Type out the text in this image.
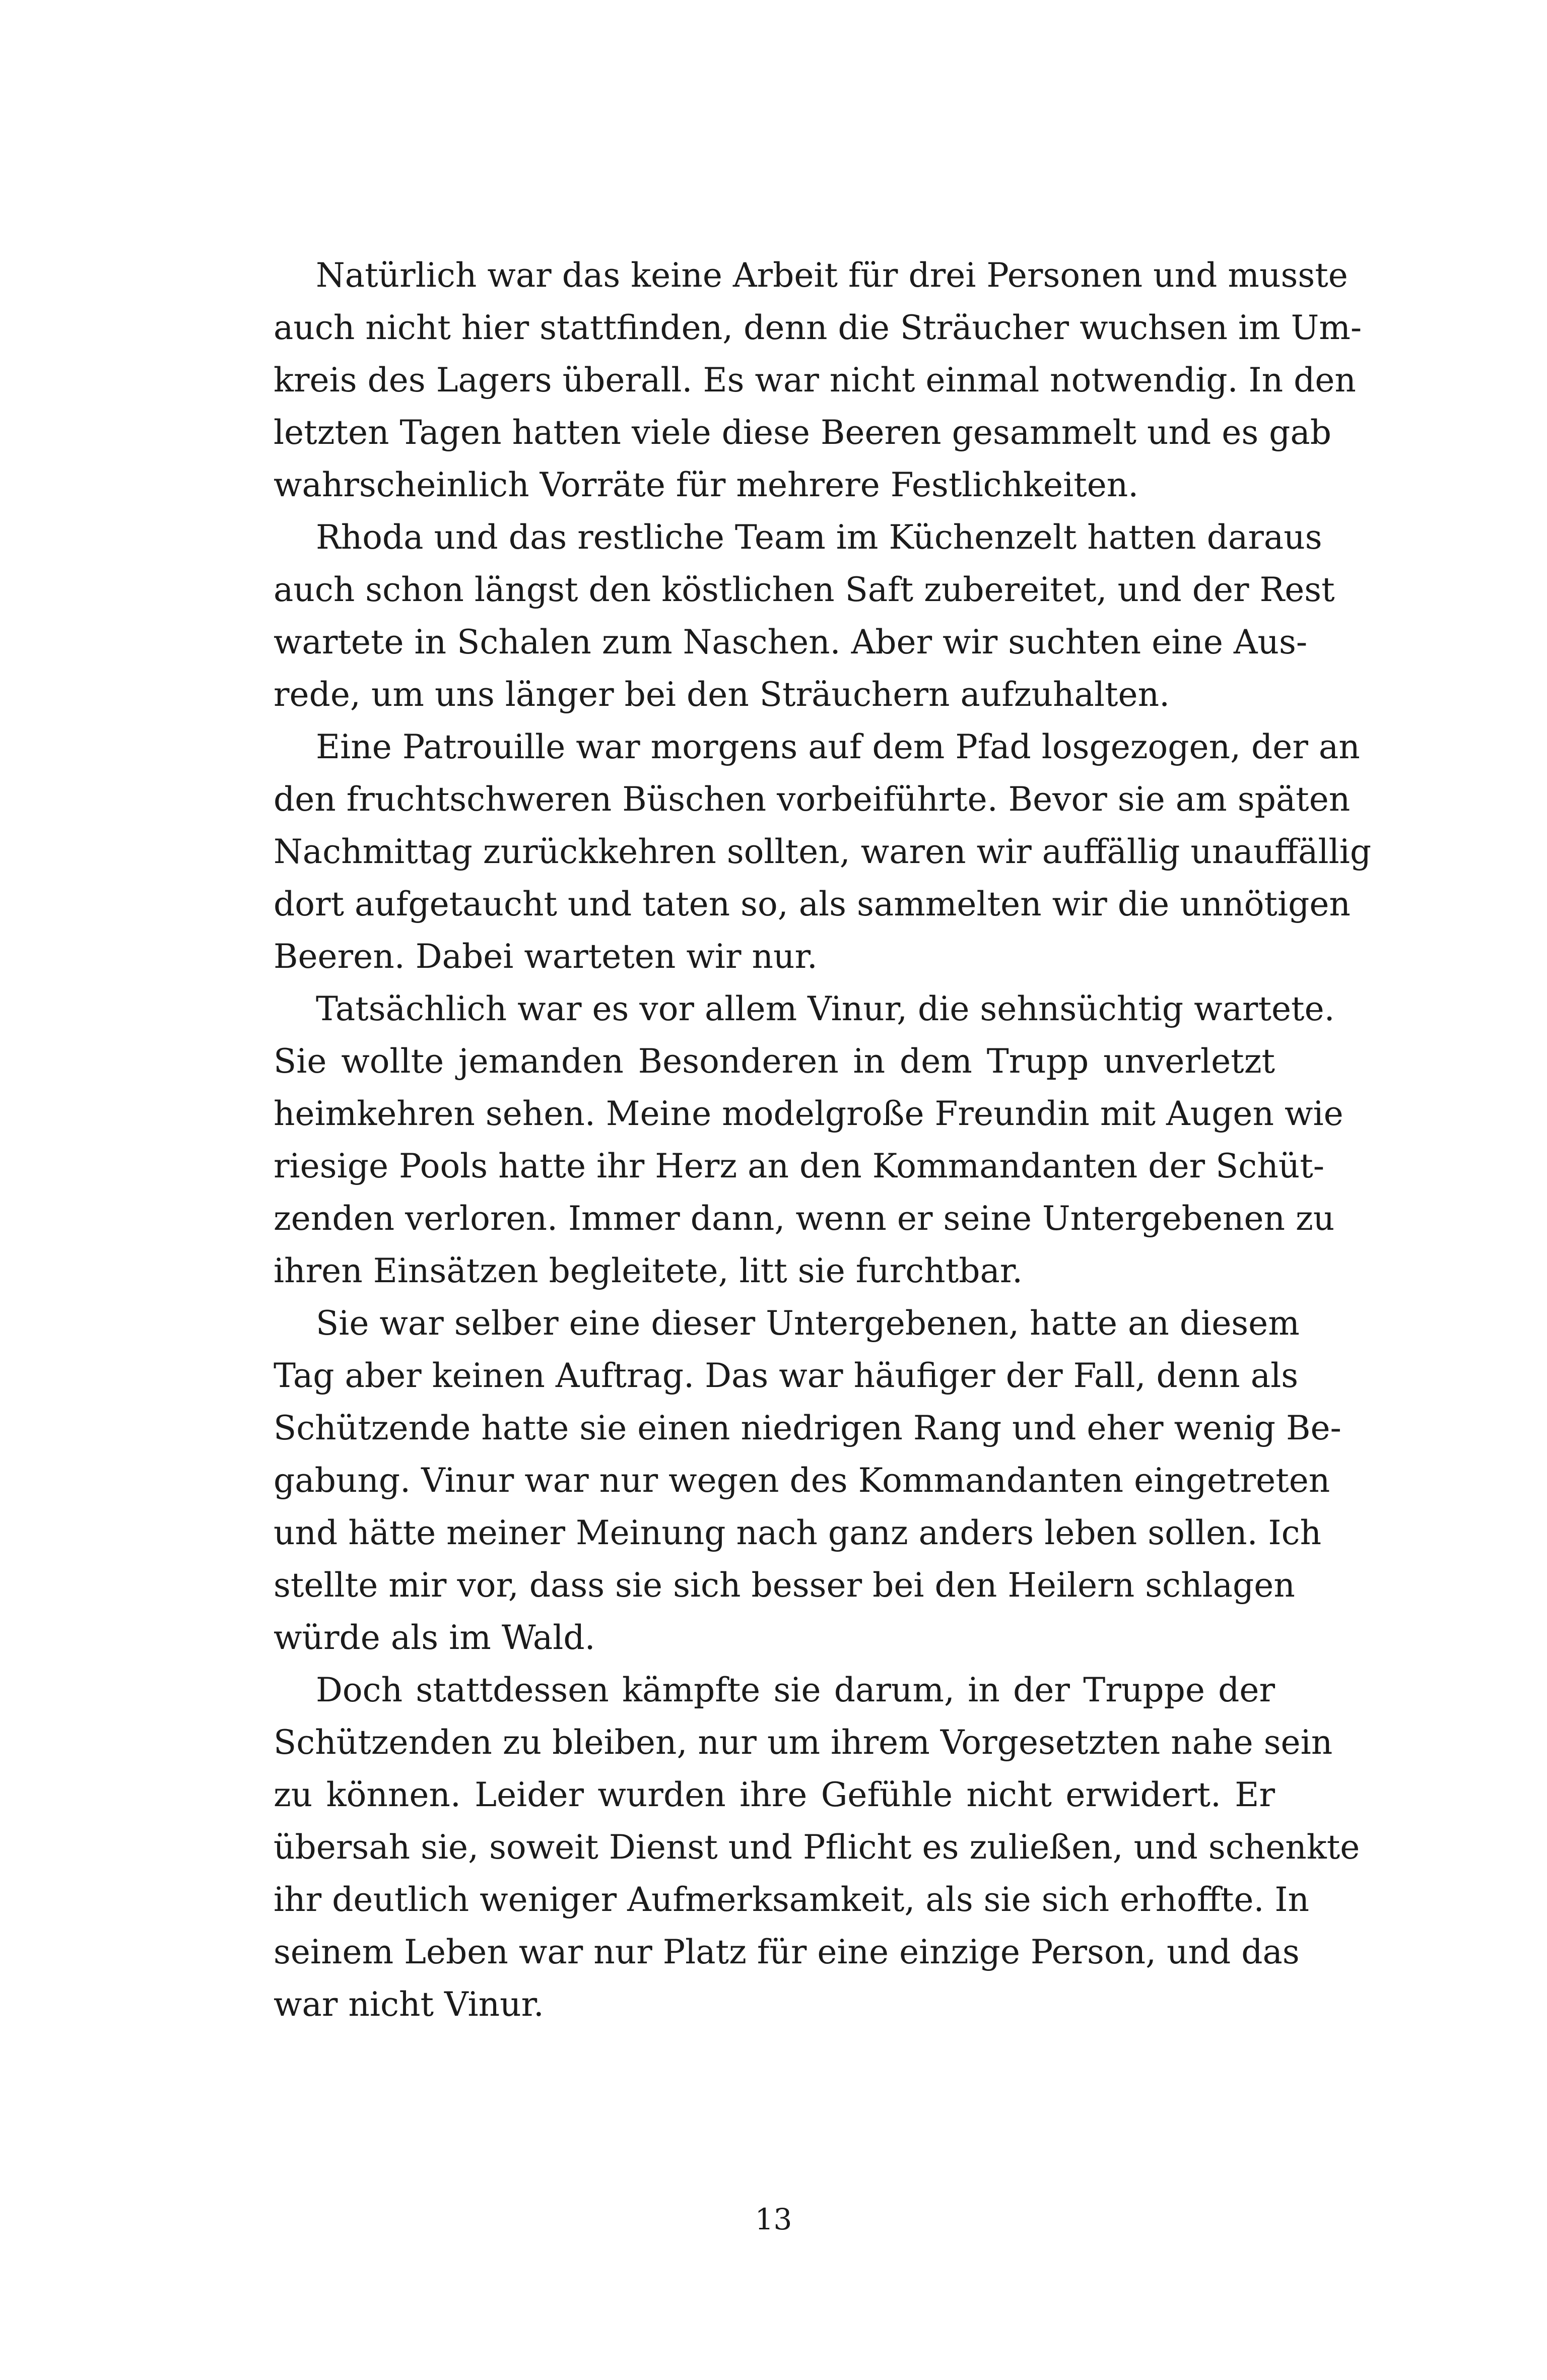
Natürlich war das keine Arbeit für drei Personen und musste
auch nicht hier stattfinden, denn die Sträucher wuchsen im Um-
kreis des Lagers überall. Es war nicht einmal notwendig. In den
letzten Tagen hatten viele diese Beeren gesammelt und es gab
wahrscheinlich Vorräte für mehrere Festlichkeiten.
Rhoda und das restliche Team im Küchenzelt hatten daraus
auch schon längst den köstlichen Saft zubereitet, und der Rest
wartete in Schalen zum Naschen. Aber wir suchten eine Aus-
rede, um uns länger bei den Sträuchern aufzuhalten.
Eine Patrouille war morgens auf dem Pfad losgezogen, der an
den fruchtschweren Büschen vorbeiführte. Bevor sie am späten
Nachmittag zurückkehren sollten, waren wir auffällig unauffällig
dort aufgetaucht und taten so, als sammelten wir die unnötigen
Beeren. Dabei warteten wir nur.
Tatsächlich war es vor allem Vinur, die sehnsüchtig wartete.
Sie wollte jemanden Besonderen in dem Trupp unverletzt
heimkehren sehen. Meine modelgroße Freundin mit Augen wie
riesige Pools hatte ihr Herz an den Kommandanten der Schüt-
zenden verloren. Immer dann, wenn er seine Untergebenen zu
ihren Einsätzen begleitete, litt sie furchtbar.
Sie war selber eine dieser Untergebenen, hatte an diesem
Tag aber keinen Auftrag. Das war häufiger der Fall, denn als
Schützende hatte sie einen niedrigen Rang und eher wenig Be-
gabung. Vinur war nur wegen des Kommandanten eingetreten
und hätte meiner Meinung nach ganz anders leben sollen. Ich
stellte mir vor, dass sie sich besser bei den Heilern schlagen
würde als im Wald.
Doch stattdessen kämpfte sie darum, in der Truppe der
Schützenden zu bleiben, nur um ihrem Vorgesetzten nahe sein
zu können. Leider wurden ihre Gefühle nicht erwidert. Er
übersah sie, soweit Dienst und Pflicht es zuließen, und schenkte
ihr deutlich weniger Aufmerksamkeit, als sie sich erhoffte. In
seinem Leben war nur Platz für eine einzige Person, und das
war nicht Vinur.
13
